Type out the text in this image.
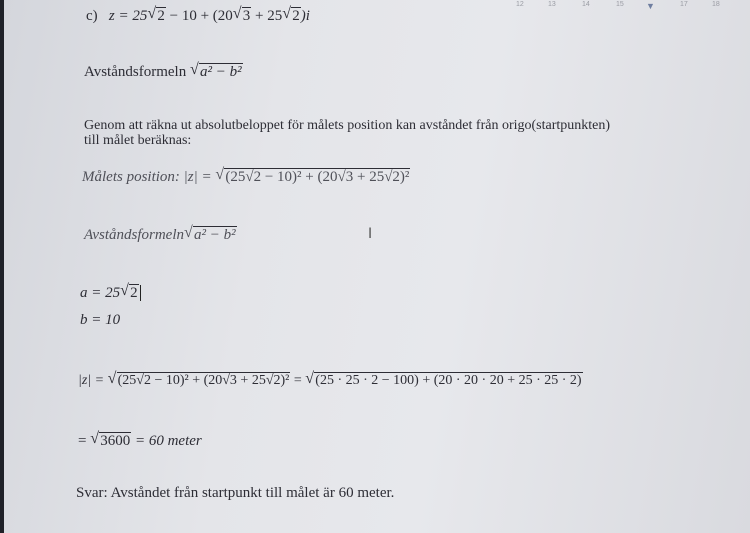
12	13	14	15 ▼	17	18
c) z = 25 √ 2 − 10 + (20 √ 3 + 25 √ 2)i
Avståndsformeln √ a² − b²
Genom att räkna ut absolutbeloppet för målets position kan avståndet från origo(startpunkten)
till målet beräknas:
Målets position: |z| = √ (25√2 − 10)² + (20√3 + 25√2)²
Avståndsformeln √ a² − b²	I
a = 25 √ 2
b = 10
|z| = √ (25√2 − 10)² + (20√3 + 25√2)² = √ (25 · 25 · 2 − 100) + (20 · 20 · 20 + 25 · 25 · 2)
= √ 3600 = 60 meter
Svar: Avståndet från startpunkt till målet är 60 meter.
